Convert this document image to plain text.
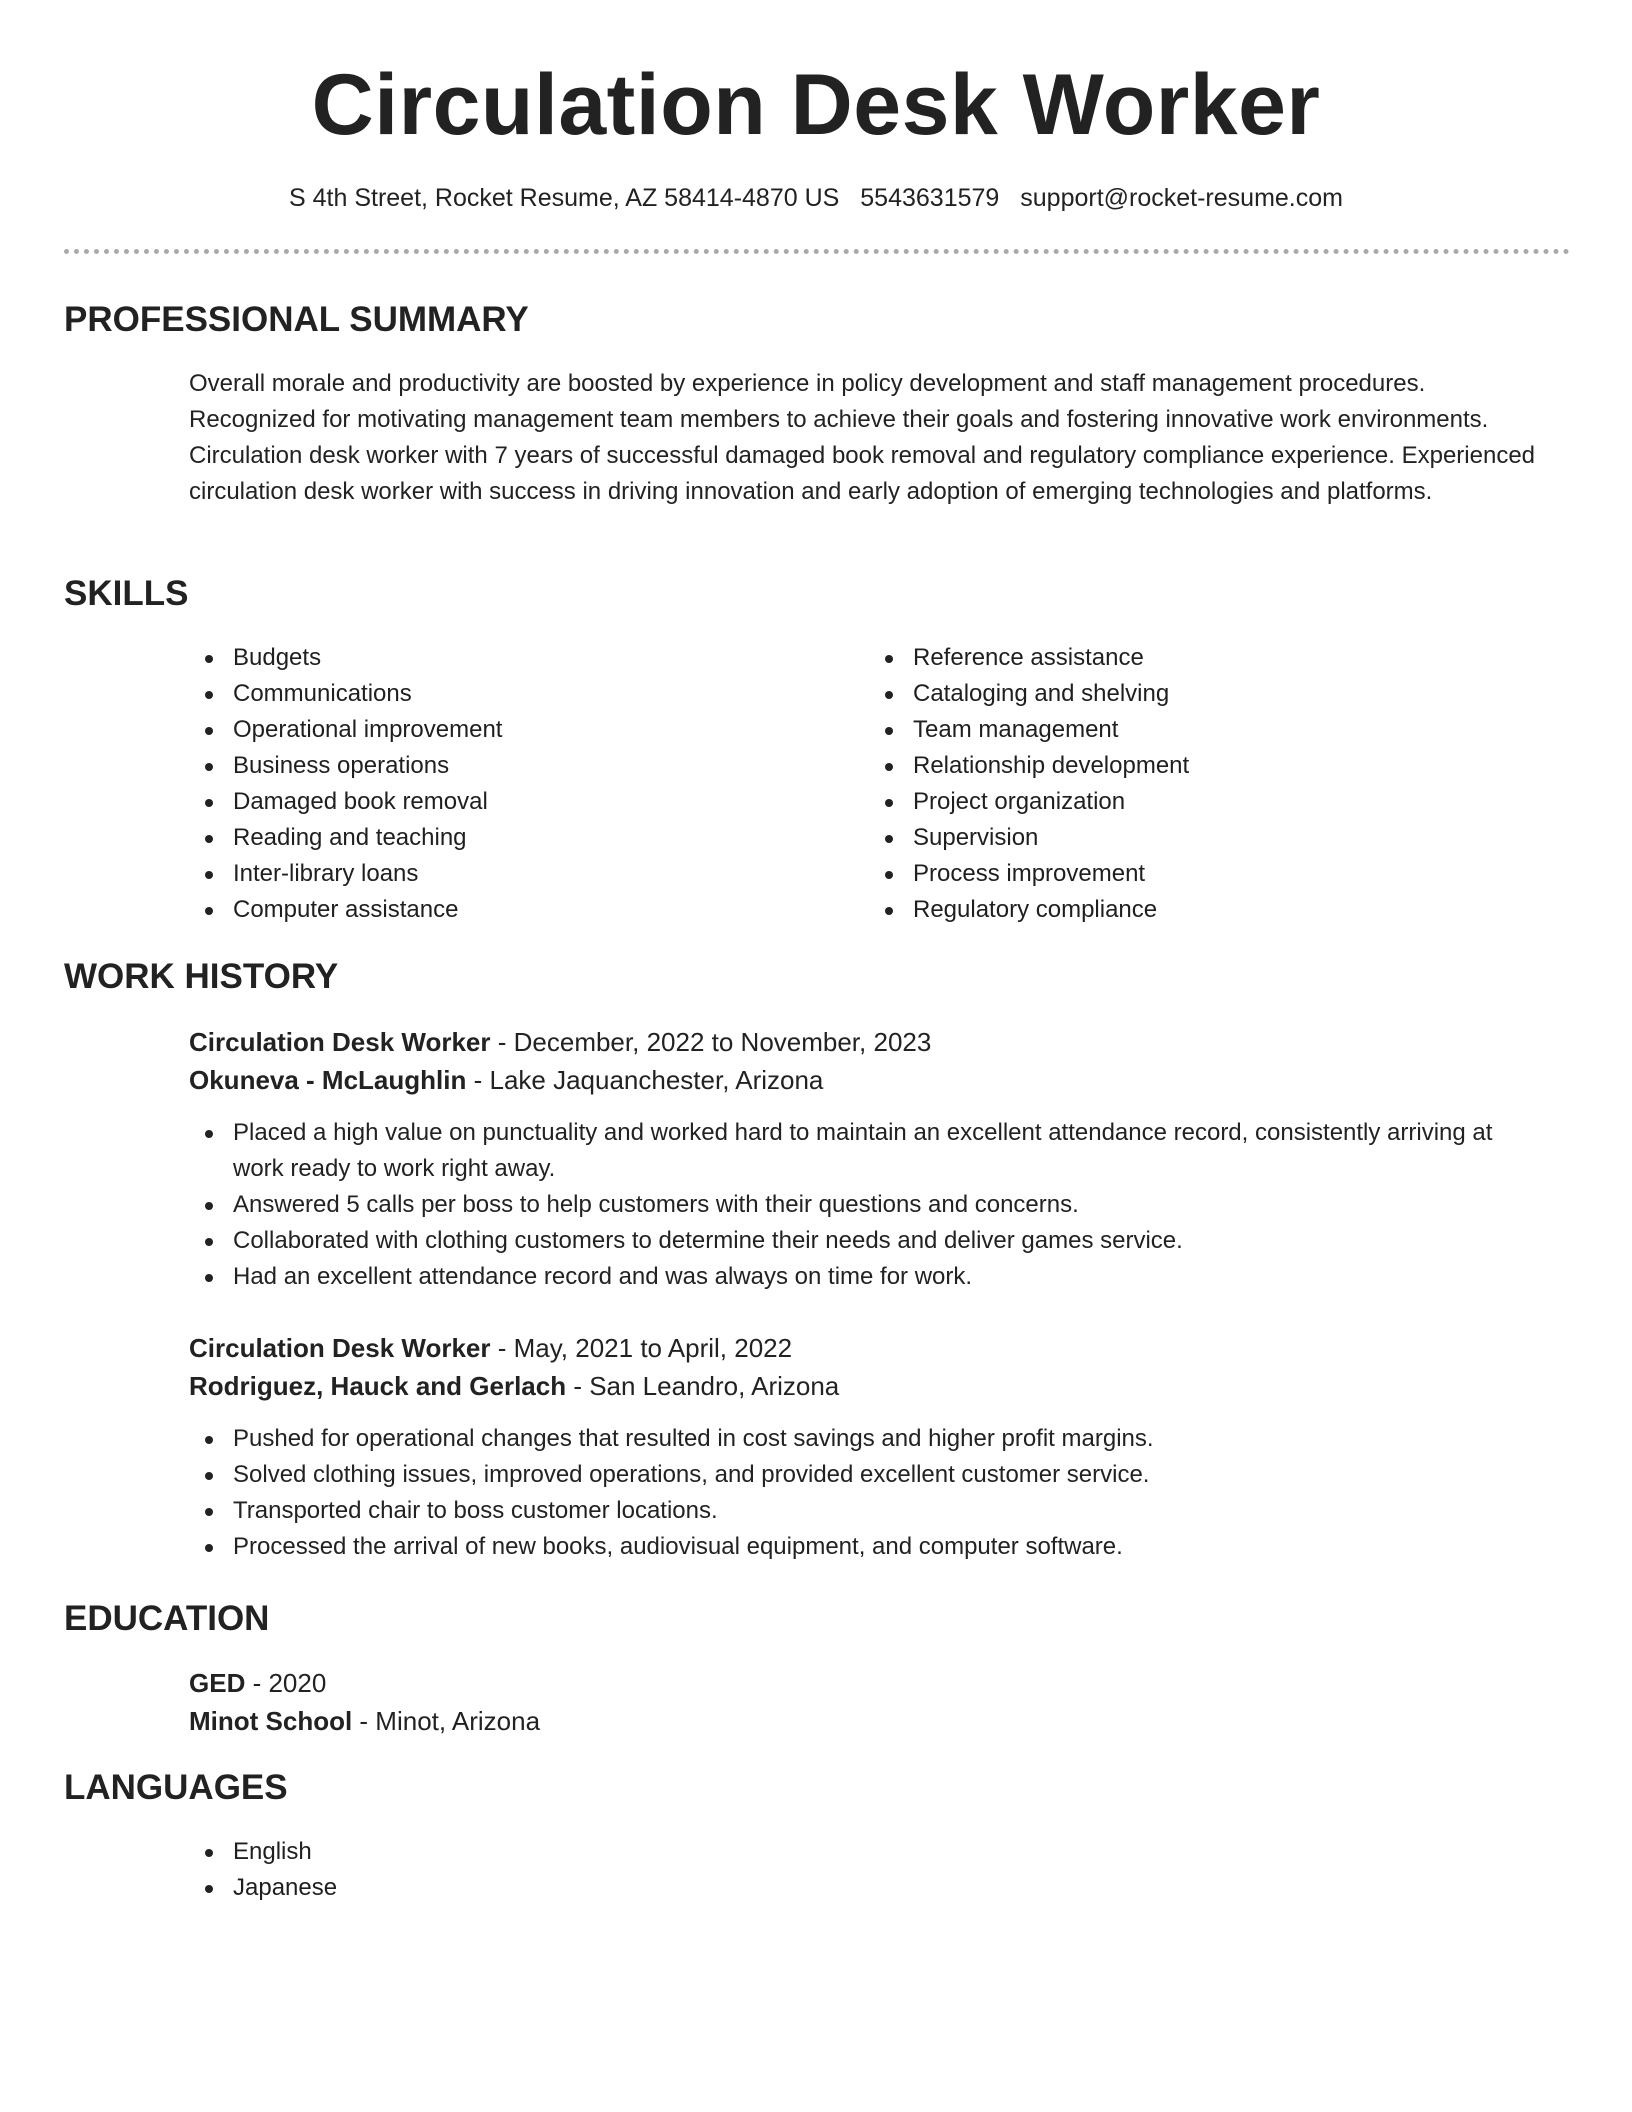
Circulation Desk Worker
S 4th Street, Rocket Resume, AZ 58414-4870 US 5543631579 support@rocket-resume.com
PROFESSIONAL SUMMARY
Overall morale and productivity are boosted by experience in policy development and staff management procedures. Recognized for motivating management team members to achieve their goals and fostering innovative work environments. Circulation desk worker with 7 years of successful damaged book removal and regulatory compliance experience. Experienced circulation desk worker with success in driving innovation and early adoption of emerging technologies and platforms.
SKILLS
Budgets
Communications
Operational improvement
Business operations
Damaged book removal
Reading and teaching
Inter-library loans
Computer assistance
Reference assistance
Cataloging and shelving
Team management
Relationship development
Project organization
Supervision
Process improvement
Regulatory compliance
WORK HISTORY
Circulation Desk Worker - December, 2022 to November, 2023
Okuneva - McLaughlin - Lake Jaquanchester, Arizona
Placed a high value on punctuality and worked hard to maintain an excellent attendance record, consistently arriving at work ready to work right away.
Answered 5 calls per boss to help customers with their questions and concerns.
Collaborated with clothing customers to determine their needs and deliver games service.
Had an excellent attendance record and was always on time for work.
Circulation Desk Worker - May, 2021 to April, 2022
Rodriguez, Hauck and Gerlach - San Leandro, Arizona
Pushed for operational changes that resulted in cost savings and higher profit margins.
Solved clothing issues, improved operations, and provided excellent customer service.
Transported chair to boss customer locations.
Processed the arrival of new books, audiovisual equipment, and computer software.
EDUCATION
GED - 2020
Minot School - Minot, Arizona
LANGUAGES
English
Japanese
